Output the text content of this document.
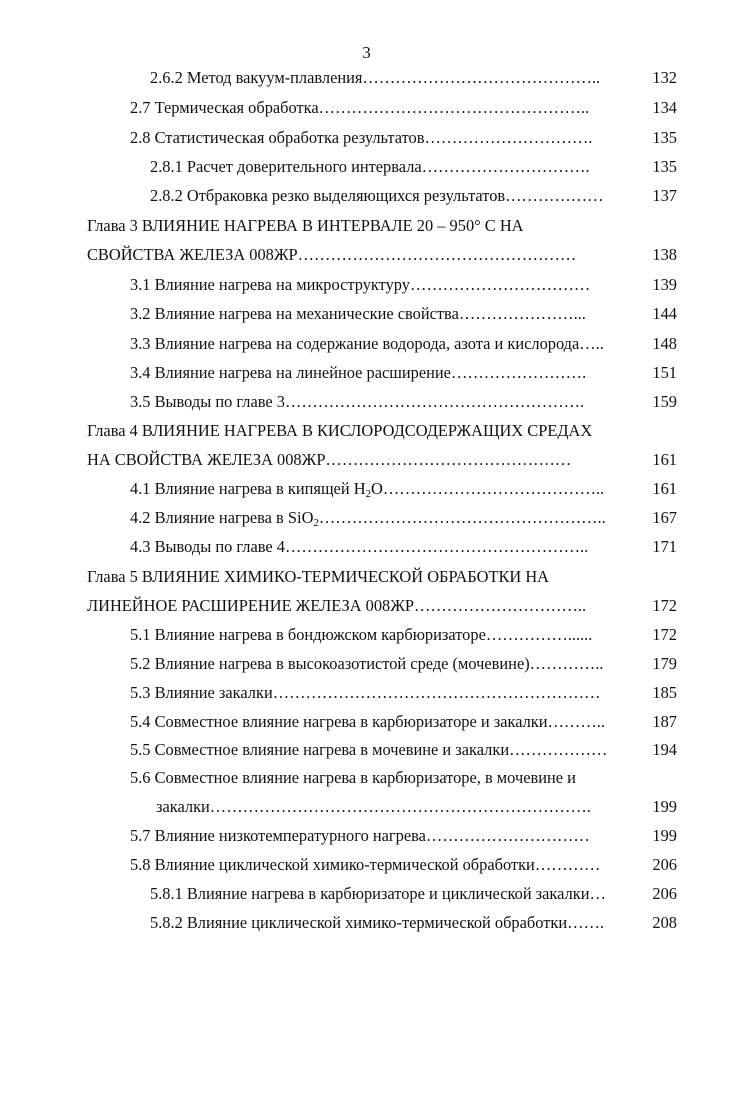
3
2.6.2 Метод вакуум-плавления……………………………………..	132
2.7 Термическая обработка…………………………………………..	134
2.8 Статистическая обработка результатов………………………….	135
2.8.1 Расчет доверительного интервала………………………….	135
2.8.2 Отбраковка резко выделяющихся результатов………………	137
Глава 3 ВЛИЯНИЕ НАГРЕВА В ИНТЕРВАЛЕ 20 – 950° С НА
СВОЙСТВА ЖЕЛЕЗА 008ЖР……………………………………………	138
3.1 Влияние нагрева на микроструктуру……………………………	139
3.2 Влияние нагрева на механические свойства…………………...	144
3.3 Влияние нагрева на содержание водорода, азота и кислорода…..	148
3.4 Влияние нагрева на линейное расширение…………………….	151
3.5 Выводы по главе 3……………………………………………….	159
Глава 4 ВЛИЯНИЕ НАГРЕВА В КИСЛОРОДСОДЕРЖАЩИХ СРЕДАХ
НА СВОЙСТВА ЖЕЛЕЗА 008ЖР………………………………………	161
4.1 Влияние нагрева в кипящей $H_2O\dots\dots\dots\dots\dots\dots\dots\dots\dots\dots\dots\dots\dots$..	161
4.2 Влияние нагрева в SiO$_2$……………………………………………..	167
4.3 Выводы по главе 4………………………………………………..	171
Глава 5 ВЛИЯНИЕ ХИМИКО-ТЕРМИЧЕСКОЙ ОБРАБОТКИ НА
ЛИНЕЙНОЕ РАСШИРЕНИЕ ЖЕЛЕЗА 008ЖР…………………………..	172
5.1 Влияние нагрева в бондюжском карбюризаторе……………......	172
5.2 Влияние нагрева в высокоазотистой среде (мочевине)…………..	179
5.3 Влияние закалки……………………………………………………	185
5.4 Совместное влияние нагрева в карбюризаторе и закалки………..	187
5.5 Совместное влияние нагрева в мочевине и закалки………………	194
5.6 Совместное влияние нагрева в карбюризаторе, в мочевине и
закалки…………………………………………………………….	199
5.7 Влияние низкотемпературного нагрева…………………………	199
5.8 Влияние циклической химико-термической обработки…………	206
5.8.1 Влияние нагрева в карбюризаторе и циклической закалки…	206
5.8.2 Влияние циклической химико-термической обработки…….	208
